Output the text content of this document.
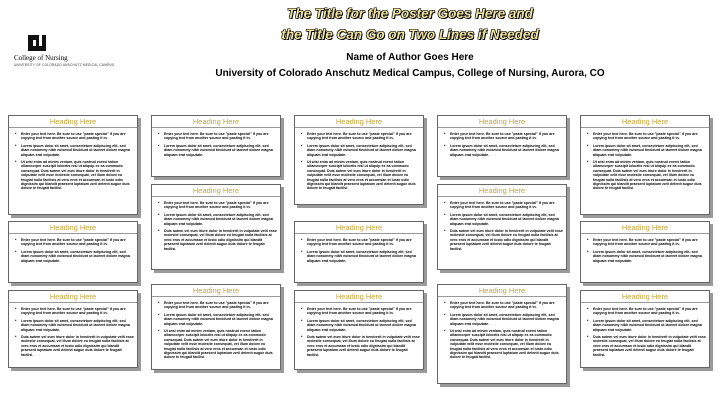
College of Nursing
UNIVERSITY OF COLORADO ANSCHUTZ MEDICAL CAMPUS
The Title for the Poster Goes Here and
the Title Can Go on Two Lines if Needed
Name of Author Goes Here
University of Colorado Anschutz Medical Campus, College of Nursing, Aurora, CO
Heading Here
• Enter your text here. Be sure to use "paste special" if you are copying text from another source and pasting it in.
• Lorem ipsum dolor sit amet, consectetuer adipiscing elit, sed diam nonummy nibh euismod tincidunt ut laoreet dolore magna aliquam erat volputate.
• Ut wisi enim ad minim veniam, quis nostrud exerci tation ullamcorper suscipit lobortis nisl ut aliquip ex ea commodo consequat. Duis autem vel eum iriure dolor in hendrerit in vulputate velit esse molestie consequat, vel illum dolore eu feugiat nulla facilisis at vero eros et accumsan et iusto odio dignissim qui blandit praesent luptatum zzril delenit augue duis dolore te feugait facilisi.
Heading Here
• Enter your text here. Be sure to use "paste special" if you are copying text from another source and pasting it in.
• Lorem ipsum dolor sit amet, consectetuer adipiscing elit, sed diam nonummy nibh euismod tincidunt ut laoreet dolore magna aliquam erat volputate.
Heading Here
• Enter your text here. Be sure to use "paste special" if you are copying text from another source and pasting it in.
• Lorem ipsum dolor sit amet, consectetuer adipiscing elit, sed diam nonummy nibh euismod tincidunt ut laoreet dolore magna aliquam erat volputate.
• Duis autem vel eum iriure dolor in hendrerit in vulputate velit esse molestie consequat, vel illum dolore eu feugiat nulla facilisis at vero eros et accumsan et iusto odio dignissim qui blandit praesent luptatum zzril delenit augue duis dolore te feugait facilisi.
Heading Here
• Enter your text here. Be sure to use "paste special" if you are copying text from another source and pasting it in.
• Lorem ipsum dolor sit amet, consectetuer adipiscing elit, sed diam nonummy nibh euismod tincidunt ut laoreet dolore magna aliquam erat volputate.
Heading Here
• Enter your text here. Be sure to use "paste special" if you are copying text from another source and pasting it in.
• Lorem ipsum dolor sit amet, consectetuer adipiscing elit, sed diam nonummy nibh euismod tincidunt ut laoreet dolore magna aliquam erat volputate.
• Duis autem vel eum iriure dolor in hendrerit in vulputate velit esse molestie consequat, vel illum dolore eu feugiat nulla facilisis at vero eros et accumsan et iusto odio dignissim qui blandit praesent luptatum zzril delenit augue duis dolore te feugait facilisi.
Heading Here
• Enter your text here. Be sure to use "paste special" if you are copying text from another source and pasting it in.
• Lorem ipsum dolor sit amet, consectetuer adipiscing elit, sed diam nonummy nibh euismod tincidunt ut laoreet dolore magna aliquam erat volputate.
• Ut wisi enim ad minim veniam, quis nostrud exerci tation ullamcorper suscipit lobortis nisl ut aliquip ex ea commodo consequat. Duis autem vel eum iriure dolor in hendrerit in vulputate velit esse molestie consequat, vel illum dolore eu feugiat nulla facilisis at vero eros et accumsan et iusto odio dignissim qui blandit praesent luptatum zzril delenit augue duis dolore te feugait facilisi.
Heading Here
• Enter your text here. Be sure to use "paste special" if you are copying text from another source and pasting it in.
• Lorem ipsum dolor sit amet, consectetuer adipiscing elit, sed diam nonummy nibh euismod tincidunt ut laoreet dolore magna aliquam erat volputate.
• Ut wisi enim ad minim veniam, quis nostrud exerci tation ullamcorper suscipit lobortis nisl ut aliquip ex ea commodo consequat. Duis autem vel eum iriure dolor in hendrerit in vulputate velit esse molestie consequat, vel illum dolore eu feugiat nulla facilisis at vero eros et accumsan et iusto odio dignissim qui blandit praesent luptatum zzril delenit augue duis dolore te feugait facilisi.
Heading Here
• Enter your text here. Be sure to use "paste special" if you are copying text from another source and pasting it in.
• Lorem ipsum dolor sit amet, consectetuer adipiscing elit, sed diam nonummy nibh euismod tincidunt ut laoreet dolore magna aliquam erat volputate.
Heading Here
• Enter your text here. Be sure to use "paste special" if you are copying text from another source and pasting it in.
• Lorem ipsum dolor sit amet, consectetuer adipiscing elit, sed diam nonummy nibh euismod tincidunt ut laoreet dolore magna aliquam erat volputate.
• Duis autem vel eum iriure dolor in hendrerit in vulputate velit esse molestie consequat, vel illum dolore eu feugiat nulla facilisis at vero eros et accumsan et iusto odio dignissim qui blandit praesent luptatum zzril delenit augue duis dolore te feugait facilisi.
Heading Here
• Enter your text here. Be sure to use "paste special" if you are copying text from another source and pasting it in.
• Lorem ipsum dolor sit amet, consectetuer adipiscing elit, sed diam nonummy nibh euismod tincidunt ut laoreet dolore magna aliquam erat volputate.
Heading Here
• Enter your text here. Be sure to use "paste special" if you are copying text from another source and pasting it in.
• Lorem ipsum dolor sit amet, consectetuer adipiscing elit, sed diam nonummy nibh euismod tincidunt ut laoreet dolore magna aliquam erat volputate.
• Duis autem vel eum iriure dolor in hendrerit in vulputate velit esse molestie consequat, vel illum dolore eu feugiat nulla facilisis at vero eros et accumsan et iusto odio dignissim qui blandit praesent luptatum zzril delenit augue duis dolore te feugait facilisi.
Heading Here
• Enter your text here. Be sure to use "paste special" if you are copying text from another source and pasting it in.
• Lorem ipsum dolor sit amet, consectetuer adipiscing elit, sed diam nonummy nibh euismod tincidunt ut laoreet dolore magna aliquam erat volputate.
• Ut wisi enim ad minim veniam, quis nostrud exerci tation ullamcorper suscipit lobortis nisl ut aliquip ex ea commodo consequat. Duis autem vel eum iriure dolor in hendrerit in vulputate velit esse molestie consequat, vel illum dolore eu feugiat nulla facilisis at vero eros et accumsan et iusto odio dignissim qui blandit praesent luptatum zzril delenit augue duis dolore te feugait facilisi.
Heading Here
• Enter your text here. Be sure to use "paste special" if you are copying text from another source and pasting it in.
• Lorem ipsum dolor sit amet, consectetuer adipiscing elit, sed diam nonummy nibh euismod tincidunt ut laoreet dolore magna aliquam erat volputate.
• Ut wisi enim ad minim veniam, quis nostrud exerci tation ullamcorper suscipit lobortis nisl ut aliquip ex ea commodo consequat. Duis autem vel eum iriure dolor in hendrerit in vulputate velit esse molestie consequat, vel illum dolore eu feugiat nulla facilisis at vero eros et accumsan et iusto odio dignissim qui blandit praesent luptatum zzril delenit augue duis dolore te feugait facilisi.
Heading Here
• Enter your text here. Be sure to use "paste special" if you are copying text from another source and pasting it in.
• Lorem ipsum dolor sit amet, consectetuer adipiscing elit, sed diam nonummy nibh euismod tincidunt ut laoreet dolore magna aliquam erat volputate.
Heading Here
• Enter your text here. Be sure to use "paste special" if you are copying text from another source and pasting it in.
• Lorem ipsum dolor sit amet, consectetuer adipiscing elit, sed diam nonummy nibh euismod tincidunt ut laoreet dolore magna aliquam erat volputate.
• Duis autem vel eum iriure dolor in hendrerit in vulputate velit esse molestie consequat, vel illum dolore eu feugiat nulla facilisis at vero eros et accumsan et iusto odio dignissim qui blandit praesent luptatum zzril delenit augue duis dolore te feugait facilisi.
